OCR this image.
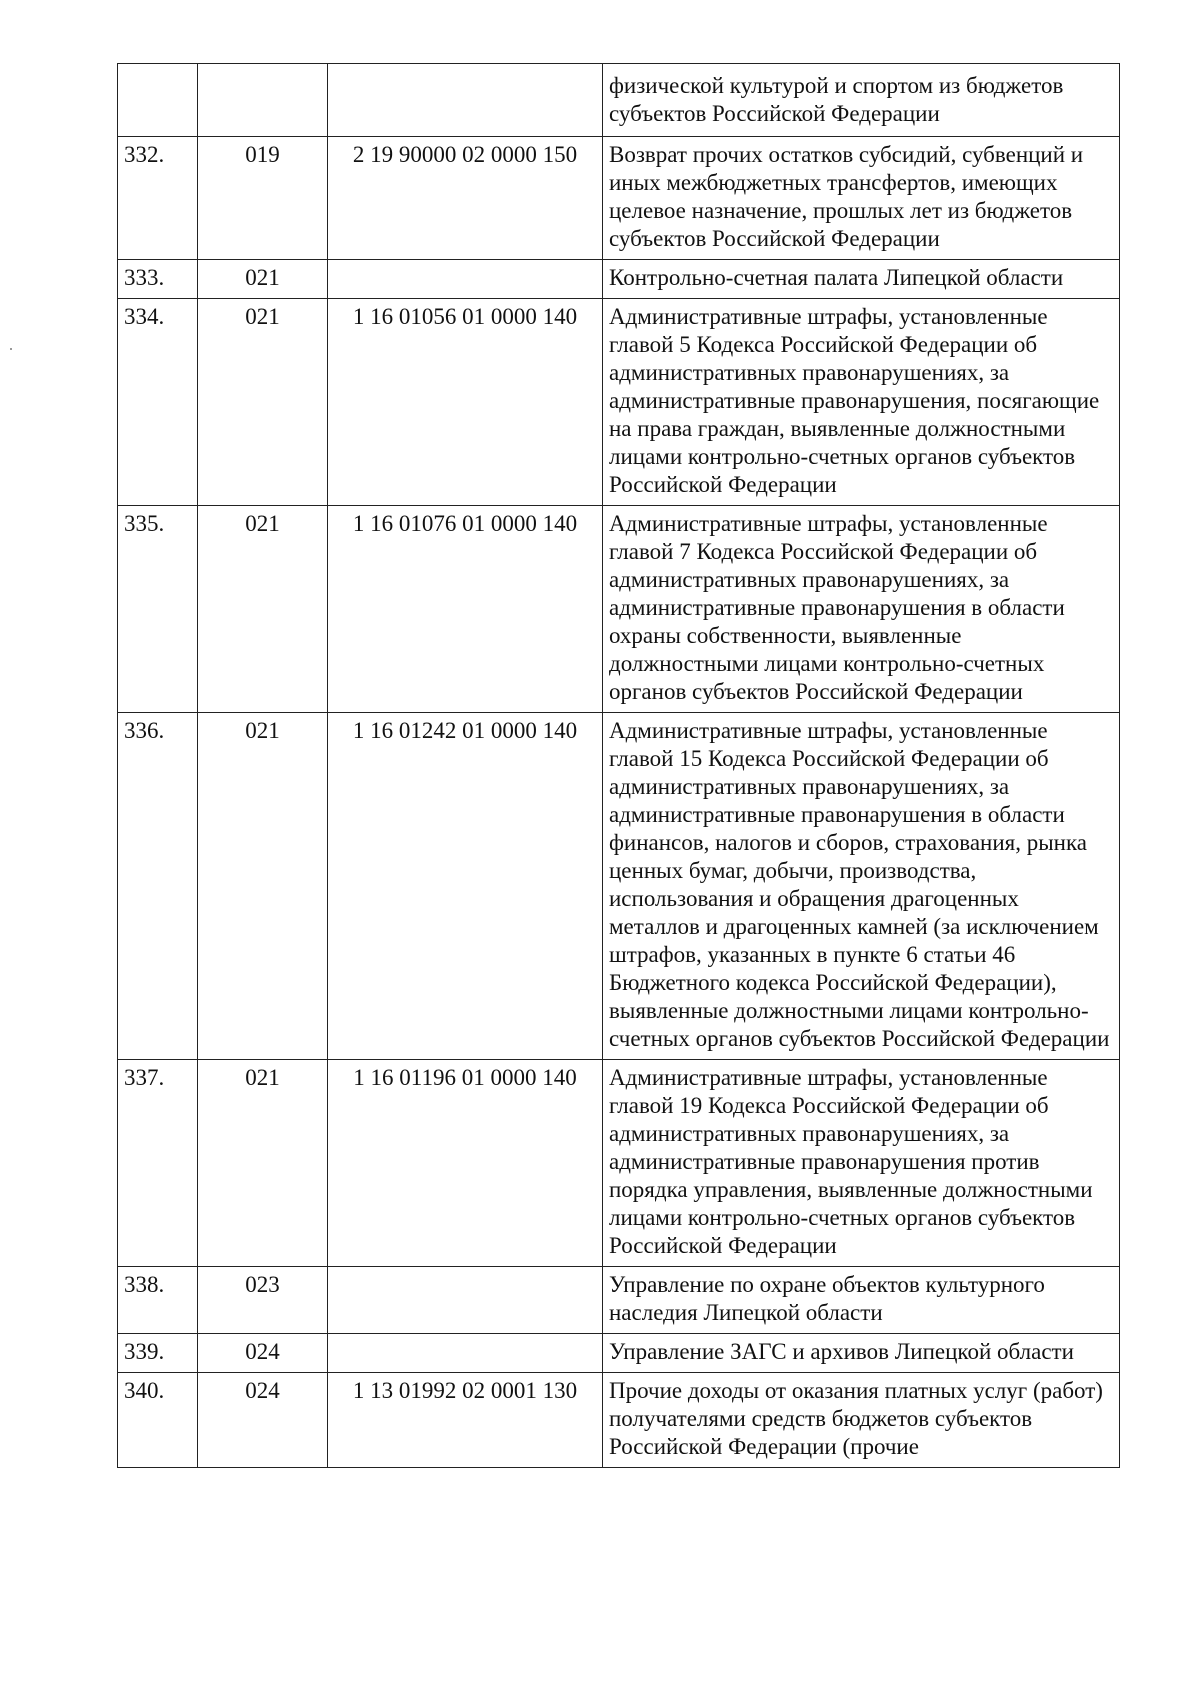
			физической культурой и спортом из бюджетов субъектов Российской Федерации
332.	019	2 19 90000 02 0000 150	Возврат прочих остатков субсидий, субвенций и иных межбюджетных трансфертов, имеющих целевое назначение, прошлых лет из бюджетов субъектов Российской Федерации
333.	021		Контрольно-счетная палата Липецкой области
334.	021	1 16 01056 01 0000 140	Административные штрафы, установленные главой 5 Кодекса Российской Федерации об административных правонарушениях, за административные правонарушения, посягающие на права граждан, выявленные должностными лицами контрольно-счетных органов субъектов Российской Федерации
335.	021	1 16 01076 01 0000 140	Административные штрафы, установленные главой 7 Кодекса Российской Федерации об административных правонарушениях, за административные правонарушения в области охраны собственности, выявленные должностными лицами контрольно-счетных органов субъектов Российской Федерации
336.	021	1 16 01242 01 0000 140	Административные штрафы, установленные главой 15 Кодекса Российской Федерации об административных правонарушениях, за административные правонарушения в области финансов, налогов и сборов, страхования, рынка ценных бумаг, добычи, производства, использования и обращения драгоценных металлов и драгоценных камней (за исключением штрафов, указанных в пункте 6 статьи 46 Бюджетного кодекса Российской Федерации), выявленные должностными лицами контрольно-счетных органов субъектов Российской Федерации
337.	021	1 16 01196 01 0000 140	Административные штрафы, установленные главой 19 Кодекса Российской Федерации об административных правонарушениях, за административные правонарушения против порядка управления, выявленные должностными лицами контрольно-счетных органов субъектов Российской Федерации
338.	023		Управление по охране объектов культурного наследия Липецкой области
339.	024		Управление ЗАГС и архивов Липецкой области
340.	024	1 13 01992 02 0001 130	Прочие доходы от оказания платных услуг (работ) получателями средств бюджетов субъектов Российской Федерации (прочие
